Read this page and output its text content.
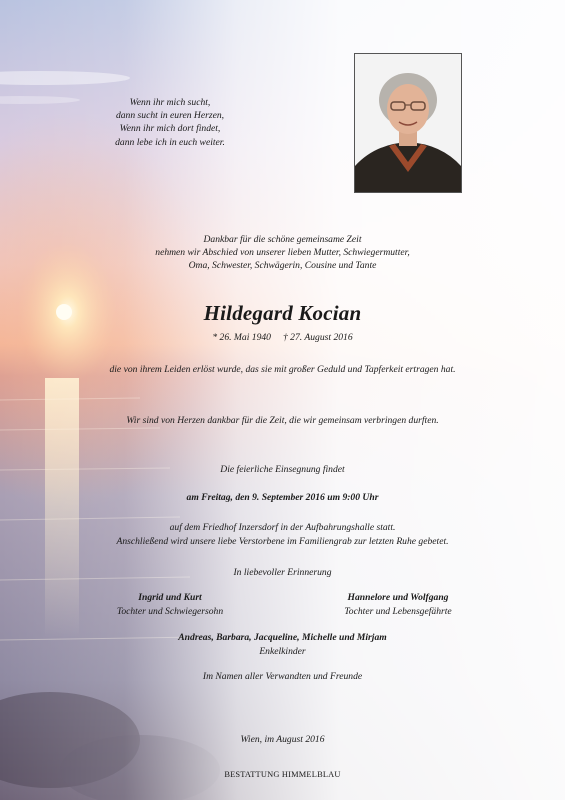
Wenn ihr mich sucht,
dann sucht in euren Herzen,
Wenn ihr mich dort findet,
dann lebe ich in euch weiter.
Dankbar für die schöne gemeinsame Zeit
nehmen wir Abschied von unserer lieben Mutter, Schwiegermutter,
Oma, Schwester, Schwägerin, Cousine und Tante
Hildegard Kocian
* 26. Mai 1940 † 27. August 2016
die von ihrem Leiden erlöst wurde, das sie mit großer Geduld und Tapferkeit ertragen hat.
Wir sind von Herzen dankbar für die Zeit, die wir gemeinsam verbringen durften.
Die feierliche Einsegnung findet
am Freitag, den 9. September 2016 um 9:00 Uhr
auf dem Friedhof Inzersdorf in der Aufbahrungshalle statt.
Anschließend wird unsere liebe Verstorbene im Familiengrab zur letzten Ruhe gebetet.
In liebevoller Erinnerung
Ingrid und Kurt
Tochter und Schwiegersohn
Hannelore und Wolfgang
Tochter und Lebensgefährte
Andreas, Barbara, Jacqueline, Michelle und Mirjam
Enkelkinder
Im Namen aller Verwandten und Freunde
Wien, im August 2016
BESTATTUNG HIMMELBLAU
